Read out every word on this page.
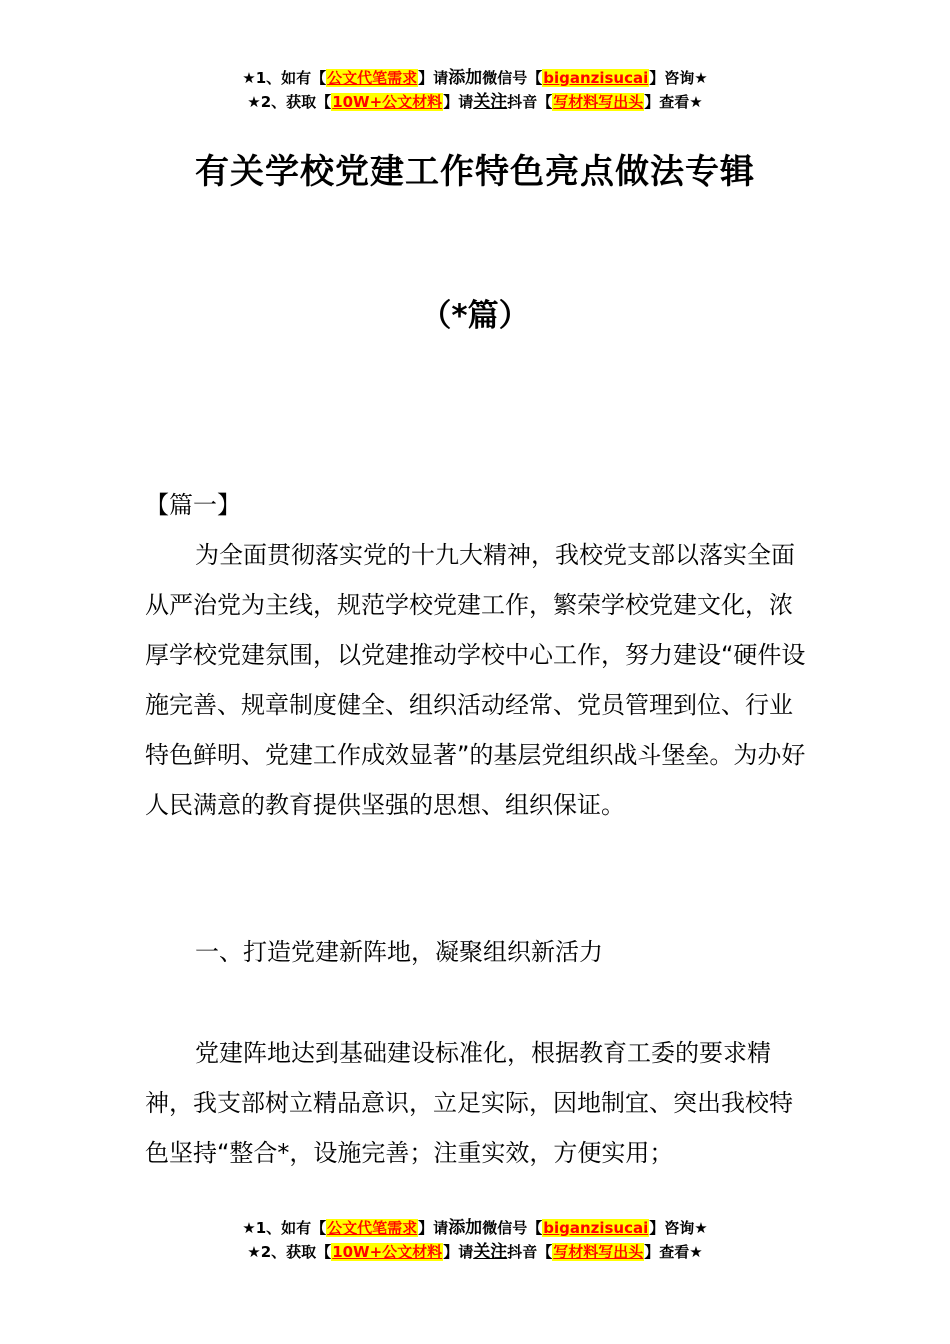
★1、如有【公文代笔需求】请添加微信号【biganzisucai】咨询★
★2、获取【10W+公文材料】请关注抖音【写材料写出头】查看★
有关学校党建工作特色亮点做法专辑
（*篇）
【篇一】

为全面贯彻落实党的十九大精神，我校党支部以落实全面从严治党为主线，规范学校党建工作，繁荣学校党建文化，浓厚学校党建氛围，以党建推动学校中心工作，努力建设“硬件设施完善、规章制度健全、组织活动经常、党员管理到位、行业特色鲜明、党建工作成效显著”的基层党组织战斗堡垒。为办好人民满意的教育提供坚强的思想、组织保证。

一、打造党建新阵地，凝聚组织新活力

党建阵地达到基础建设标准化，根据教育工委的要求精神，我支部树立精品意识，立足实际，因地制宜、突出我校特色坚持“整合*，设施完善；注重实效，方便实用；

★1、如有【公文代笔需求】请添加微信号【biganzisucai】咨询★
★2、获取【10W+公文材料】请关注抖音【写材料写出头】查看★
